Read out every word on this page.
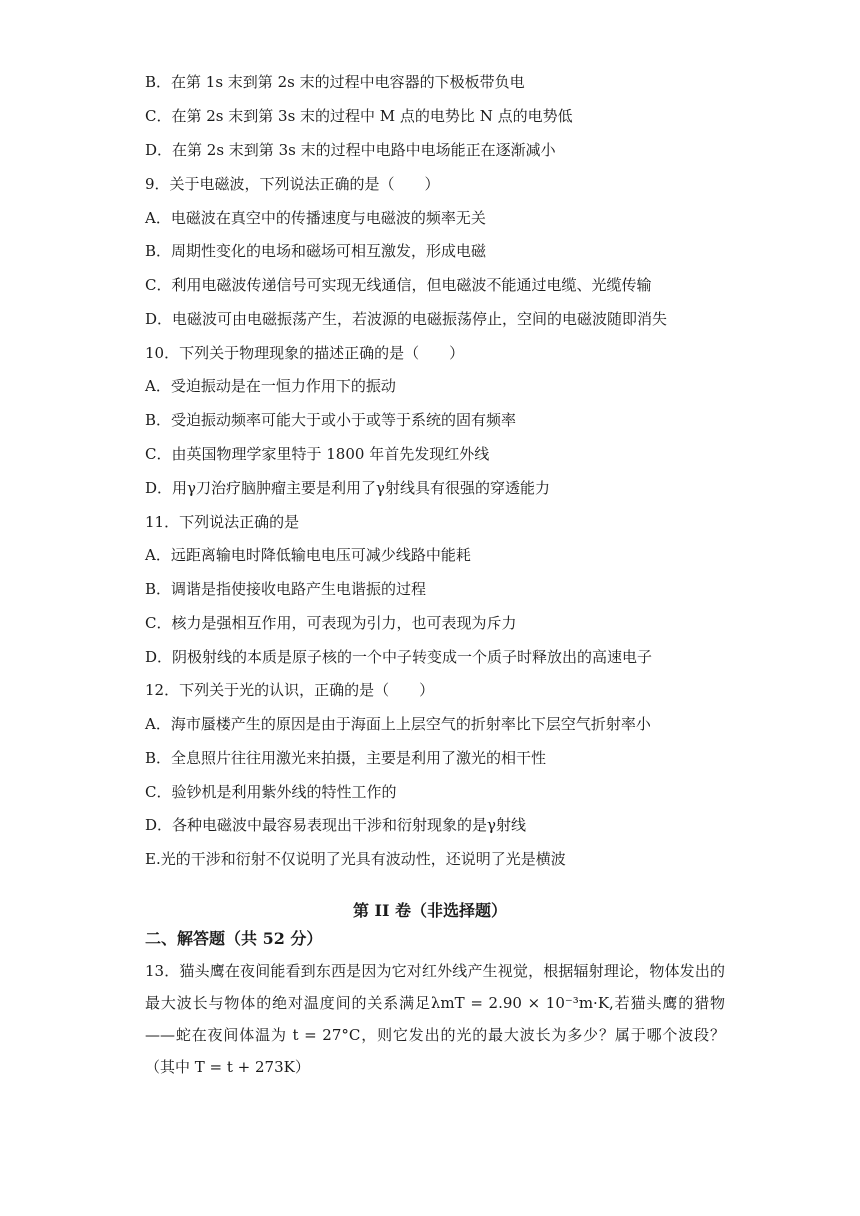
B．在第 1s 末到第 2s 末的过程中电容器的下极板带负电
C．在第 2s 末到第 3s 末的过程中 M 点的电势比 N 点的电势低
D．在第 2s 末到第 3s 末的过程中电路中电场能正在逐渐减小
9．关于电磁波，下列说法正确的是（　　）
A．电磁波在真空中的传播速度与电磁波的频率无关
B．周期性变化的电场和磁场可相互激发，形成电磁
C．利用电磁波传递信号可实现无线通信，但电磁波不能通过电缆、光缆传输
D．电磁波可由电磁振荡产生，若波源的电磁振荡停止，空间的电磁波随即消失
10．下列关于物理现象的描述正确的是（　　）
A．受迫振动是在一恒力作用下的振动
B．受迫振动频率可能大于或小于或等于系统的固有频率
C．由英国物理学家里特于 1800 年首先发现红外线
D．用γ刀治疗脑肿瘤主要是利用了γ射线具有很强的穿透能力
11．下列说法正确的是
A．远距离输电时降低输电电压可减少线路中能耗
B．调谐是指使接收电路产生电谐振的过程
C．核力是强相互作用，可表现为引力，也可表现为斥力
D．阴极射线的本质是原子核的一个中子转变成一个质子时释放出的高速电子
12．下列关于光的认识，正确的是（　　）
A．海市蜃楼产生的原因是由于海面上上层空气的折射率比下层空气折射率小
B．全息照片往往用激光来拍摄，主要是利用了激光的相干性
C．验钞机是利用紫外线的特性工作的
D．各种电磁波中最容易表现出干涉和衍射现象的是γ射线
E.光的干涉和衍射不仅说明了光具有波动性，还说明了光是横波
第 II 卷（非选择题）
二、解答题（共 52 分）
13．猫头鹰在夜间能看到东西是因为它对红外线产生视觉，根据辐射理论，物体发出的最大波长与物体的绝对温度间的关系满足λmT = 2.90 × 10⁻³m·K,若猫头鹰的猎物——蛇在夜间体温为 t = 27°C，则它发出的光的最大波长为多少？属于哪个波段？（其中 T = t + 273K）
